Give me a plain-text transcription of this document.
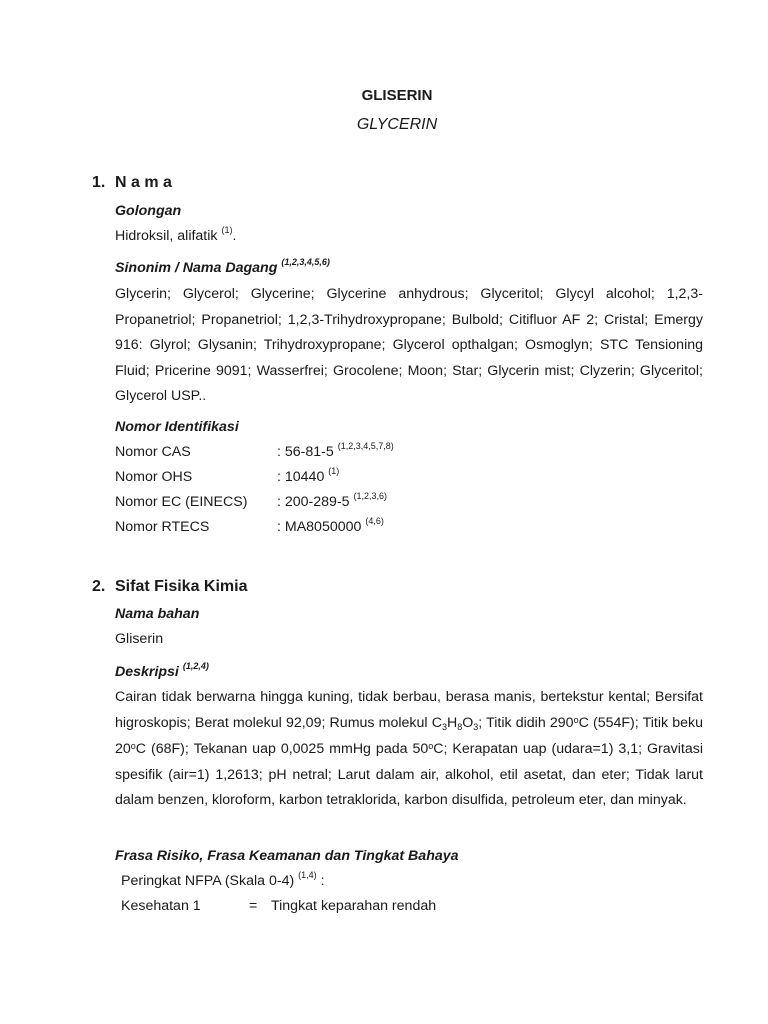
GLISERIN
GLYCERIN
1. N a m a
Golongan
Hidroksil, alifatik $^{(1)}$.
Sinonim / Nama Dagang $^{(1,2,3,4,5,6)}$
Glycerin; Glycerol; Glycerine; Glycerine anhydrous; Glyceritol; Glycyl alcohol; 1,2,3-Propanetriol; Propanetriol; 1,2,3-Trihydroxypropane; Bulbold; Citifluor AF 2; Cristal; Emergy 916: Glyrol; Glysanin; Trihydroxypropane; Glycerol opthalgan; Osmoglyn; STC Tensioning Fluid; Pricerine 9091; Wasserfrei; Grocolene; Moon; Star; Glycerin mist; Clyzerin; Glyceritol; Glycerol USP..
Nomor Identifikasi
Nomor CAS	: 56-81-5 $^{(1,2,3,4,5,7,8)}$
Nomor OHS	: 10440 $^{(1)}$
Nomor EC (EINECS) : 200-289-5 $^{(1,2,3,6)}$
Nomor RTECS	: MA8050000 $^{(4,6)}$
2. Sifat Fisika Kimia
Nama bahan
Gliserin
Deskripsi $^{(1,2,4)}$
Cairan tidak berwarna hingga kuning, tidak berbau, berasa manis, bertekstur kental; Bersifat higroskopis; Berat molekul 92,09; Rumus molekul $C_3H_8O_3$; Titik didih 290$^o$C (554F); Titik beku 20$^o$C (68F); Tekanan uap 0,0025 mmHg pada 50$^o$C; Kerapatan uap (udara=1) 3,1; Gravitasi spesifik (air=1) 1,2613; pH netral; Larut dalam air, alkohol, etil asetat, dan eter; Tidak larut dalam benzen, kloroform, karbon tetraklorida, karbon disulfida, petroleum eter, dan minyak.
Frasa Risiko, Frasa Keamanan dan Tingkat Bahaya
Peringkat NFPA (Skala 0-4) $^{(1,4)}$ :
Kesehatan 1	= Tingkat keparahan rendah
